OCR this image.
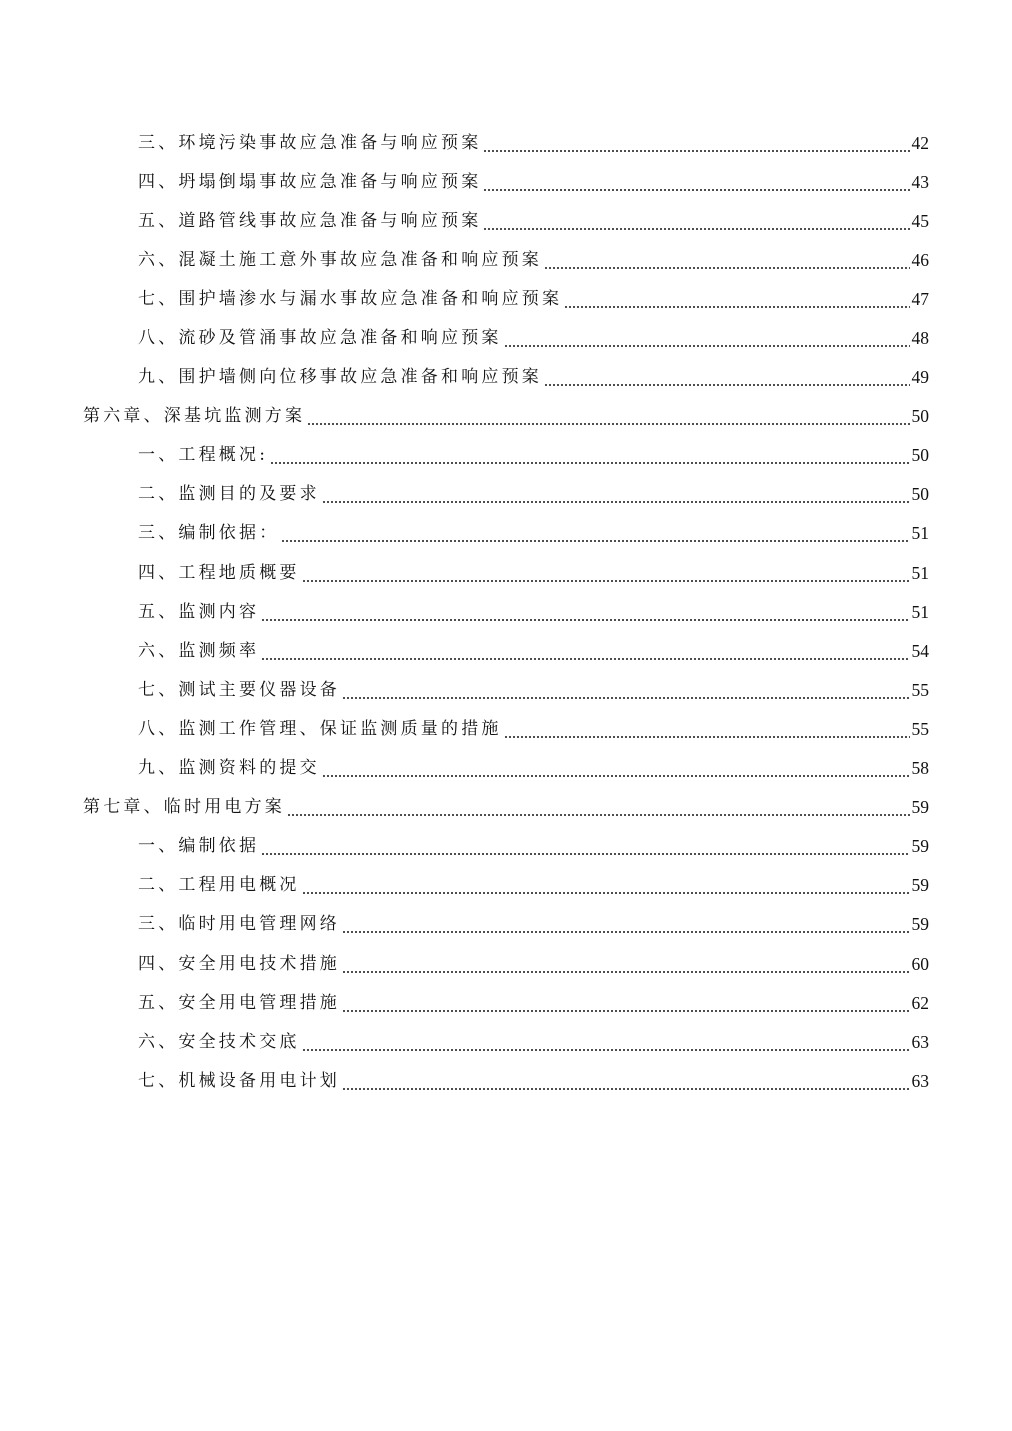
三、环境污染事故应急准备与响应预案	42
四、坍塌倒塌事故应急准备与响应预案	43
五、道路管线事故应急准备与响应预案	45
六、混凝土施工意外事故应急准备和响应预案	46
七、围护墙渗水与漏水事故应急准备和响应预案	47
八、流砂及管涌事故应急准备和响应预案	48
九、围护墙侧向位移事故应急准备和响应预案	49
第六章、深基坑监测方案	50
一、工程概况:	50
二、监测目的及要求	50
三、编制依据：	51
四、工程地质概要	51
五、监测内容	51
六、监测频率	54
七、测试主要仪器设备	55
八、监测工作管理、保证监测质量的措施	55
九、监测资料的提交	58
第七章、临时用电方案	59
一、编制依据	59
二、工程用电概况	59
三、临时用电管理网络	59
四、安全用电技术措施	60
五、安全用电管理措施	62
六、安全技术交底	63
七、机械设备用电计划	63
